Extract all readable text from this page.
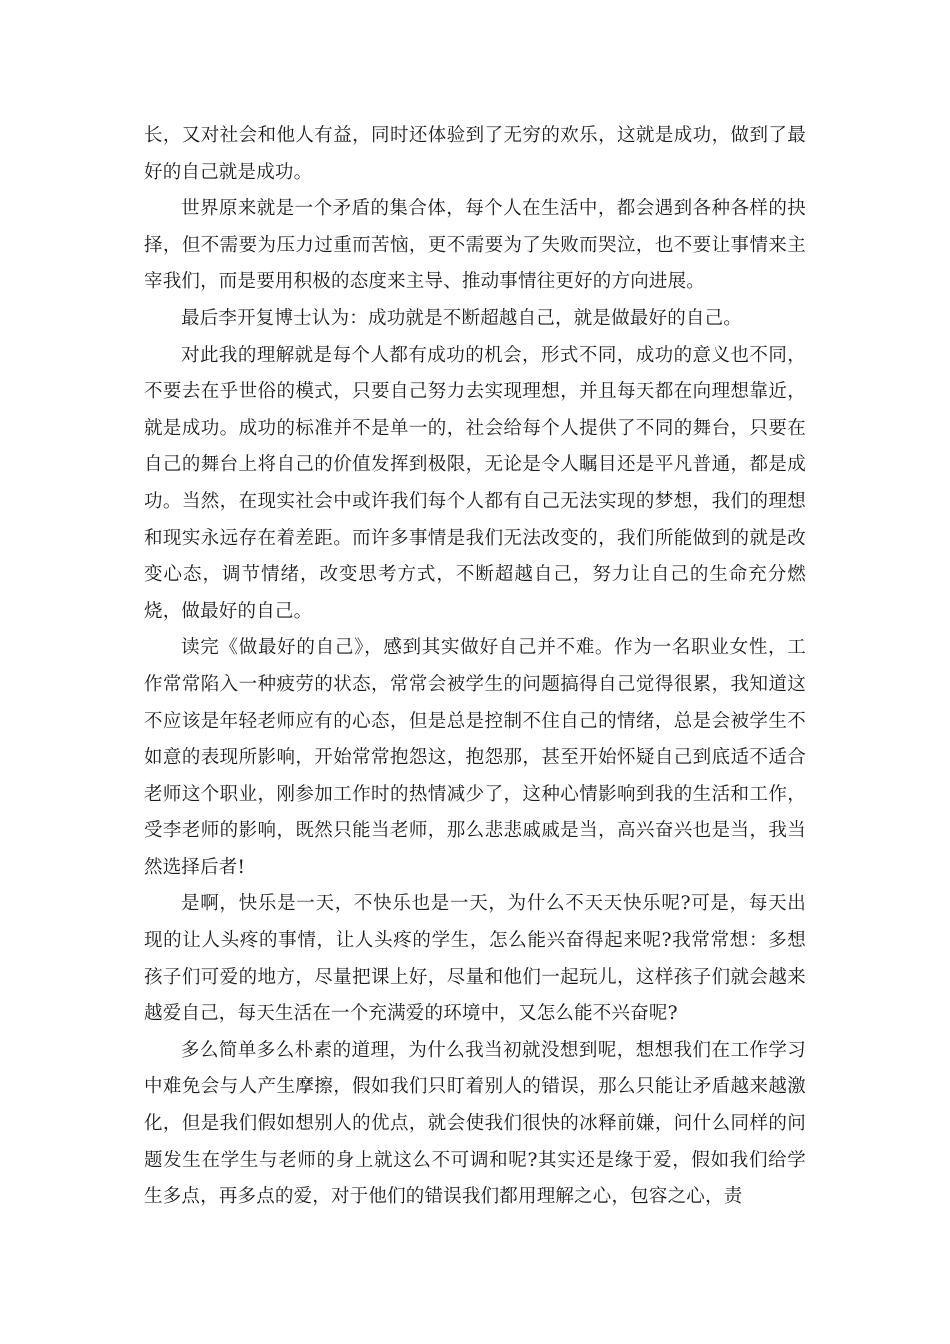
长，又对社会和他人有益，同时还体验到了无穷的欢乐，这就是成功，做到了最好的自己就是成功。

世界原来就是一个矛盾的集合体，每个人在生活中，都会遇到各种各样的抉择，但不需要为压力过重而苦恼，更不需要为了失败而哭泣，也不要让事情来主宰我们，而是要用积极的态度来主导、推动事情往更好的方向进展。

最后李开复博士认为：成功就是不断超越自己，就是做最好的自己。

对此我的理解就是每个人都有成功的机会，形式不同，成功的意义也不同，不要去在乎世俗的模式，只要自己努力去实现理想，并且每天都在向理想靠近，就是成功。成功的标准并不是单一的，社会给每个人提供了不同的舞台，只要在自己的舞台上将自己的价值发挥到极限，无论是令人瞩目还是平凡普通，都是成功。当然，在现实社会中或许我们每个人都有自己无法实现的梦想，我们的理想和现实永远存在着差距。而许多事情是我们无法改变的，我们所能做到的就是改变心态，调节情绪，改变思考方式，不断超越自己，努力让自己的生命充分燃烧，做最好的自己。

读完《做最好的自己》，感到其实做好自己并不难。作为一名职业女性，工作常常陷入一种疲劳的状态，常常会被学生的问题搞得自己觉得很累，我知道这不应该是年轻老师应有的心态，但是总是控制不住自己的情绪，总是会被学生不如意的表现所影响，开始常常抱怨这，抱怨那，甚至开始怀疑自己到底适不适合老师这个职业，刚参加工作时的热情减少了，这种心情影响到我的生活和工作，受李老师的影响，既然只能当老师，那么悲悲戚戚是当，高兴奋兴也是当，我当然选择后者!

是啊，快乐是一天，不快乐也是一天，为什么不天天快乐呢?可是，每天出现的让人头疼的事情，让人头疼的学生，怎么能兴奋得起来呢?我常常想：多想孩子们可爱的地方，尽量把课上好，尽量和他们一起玩儿，这样孩子们就会越来越爱自己，每天生活在一个充满爱的环境中，又怎么能不兴奋呢?

多么简单多么朴素的道理，为什么我当初就没想到呢，想想我们在工作学习中难免会与人产生摩擦，假如我们只盯着别人的错误，那么只能让矛盾越来越激化，但是我们假如想别人的优点，就会使我们很快的冰释前嫌，问什么同样的问题发生在学生与老师的身上就这么不可调和呢?其实还是缘于爱，假如我们给学生多点，再多点的爱，对于他们的错误我们都用理解之心，包容之心，责
